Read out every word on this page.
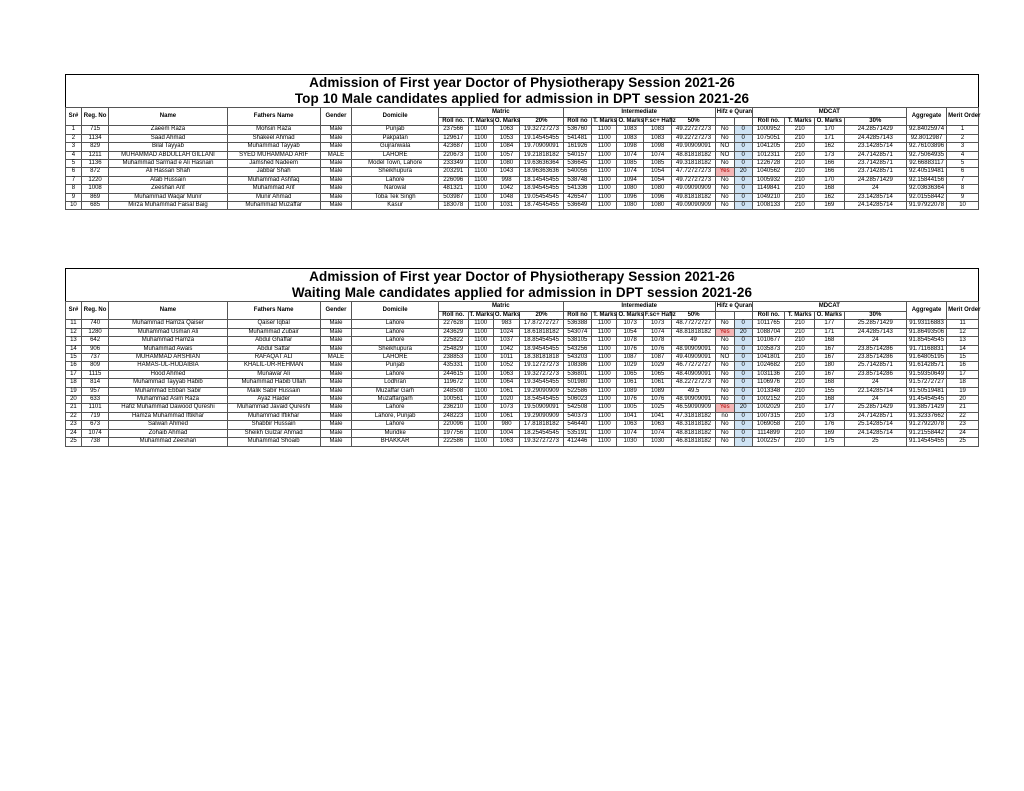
Admission of First year Doctor of Physiotherapy Session 2021-26
Top 10 Male candidates applied for admission in DPT session 2021-26
Sr#	Reg. No	Name	Fathers Name	Gender	Domicile	Matric				Intermediate					Hifz e Quran		MDCAT				Aggregate	Merit Order
						Roll no.	T. Marks	O. Marks	20%	Roll no	T. Marks	O. Marks	F.sc+ Hafiz	50%			Roll no.	T. Marks	O. Marks	30%		
1	715	Zaeem Raza	Mohsin Raza	Male	Punjab	237566	1100	1063	19.32727273	536760	1100	1083	1083	49.22727273	No	0	1000952	210	170	24.28571429	92.84025974	1
2	1134	Saad Ahmad	Shakeel Ahmad	Male	Pakpatan	129617	1100	1053	19.14545455	541481	1100	1083	1083	49.22727273	No	0	1075051	210	171	24.42857143	92.8012987	2
3	829	Bilal Tayyab	Muhammad Tayyab	Male	Gujranwala	423687	1100	1084	19.70909091	161926	1100	1098	1098	49.90909091	NO	0	1041205	210	162	23.14285714	92.76103896	3
4	1211	MUHAMMAD ABDULLAH GILLANI	SYED MUHAMMAD ARIF	MALE	LAHORE	220673	1100	1057	19.21818182	540157	1100	1074	1074	48.81818182	NO	0	1012311	210	173	24.71428571	92.75064935	4
5	1136	Muhammad Sarmad e Ali Hasnain	Jamshed Nadeem	Male	Model Town, Lahore	233349	1100	1080	19.63636364	536645	1100	1085	1085	49.31818182	No	0	1226728	210	166	23.71428571	92.66883117	5
6	872	Ali Hassan Shah	Jabbar Shah	Male	Sheikhupura	203291	1100	1043	18.96363636	540056	1100	1074	1054	47.72727273	Yes	20	1040562	210	166	23.71428571	92.40519481	6
7	1220	Atab Hussain	Muhammad Ashfaq	Male	Lahore	226096	1100	998	18.14545455	538748	1100	1094	1054	49.72727273	No	0	1005932	210	170	24.28571429	92.15844156	7
8	1008	Zeeshan Arif	Muhammad Arif	Male	Narowal	481321	1100	1042	18.94545455	541336	1100	1080	1080	49.09090909	No	0	1149841	210	168	24	92.03636364	8
9	869	Muhammad Waqar Munir	Munir Ahmad	Male	Toba Tek Singh	503987	1100	1048	19.05454545	426547	1100	1096	1096	49.81818182	No	0	1049210	210	162	23.14285714	92.01558442	9
10	685	Mirza Muhammad Faisal Baig	Muhammad Muzaffar	Male	Kasur	183078	1100	1031	18.74545455	536649	1100	1080	1080	49.09090909	No	0	1008133	210	169	24.14285714	91.97922078	10
Admission of First year Doctor of Physiotherapy Session 2021-26
Waiting Male candidates applied for admission in DPT session 2021-26
Sr#	Reg. No	Name	Fathers Name	Gender	Domicile	Matric				Intermediate					Hifz e Quran		MDCAT				Aggregate	Merit Order
						Roll no.	T. Marks	O. Marks	20%	Roll no	T. Marks	O. Marks	F.sc+ Hafiz	50%			Roll no.	T. Marks	O. Marks	30%		
11	740	Muhammad Hamza Qaiser	Qaiser Iqbal	Male	Lahore	227628	1100	983	17.87272727	536388	1100	1073	1073	48.77272727	No	0	1011765	210	177	25.28571429	91.93116883	11
12	1280	Muhammad Usman Ali	Muhammad Zubair	Male	Lahore	243629	1100	1024	18.61818182	543074	1100	1054	1074	48.81818182	Yes	20	1088704	210	171	24.42857143	91.86493506	12
13	642	Muhammad Hamza	Abdul Ghaffar	Male	Lahore	225822	1100	1037	18.85454545	538105	1100	1078	1078	49	No	0	1010677	210	168	24	91.85454545	13
14	906	Muhammad Awais	Abdul Sattar	Male	Sheikhupura	254829	1100	1042	18.94545455	543256	1100	1076	1076	48.90909091	No	0	1035873	210	167	23.85714286	91.71168831	14
15	737	MUHAMMAD ARSHIAN	RAFAQAT ALI	MALE	LAHORE	238853	1100	1011	18.38181818	543203	1100	1087	1087	49.40909091	NO	0	1041801	210	167	23.85714286	91.64805195	15
16	809	HAMAS-UL-HUDAIBIA	KHALIL-UR-REHMAN	Male	Punjab	435331	1100	1052	19.12727273	108386	1100	1029	1029	46.77272727	No	0	1024682	210	180	25.71428571	91.61428571	16
17	1115	Hood Ahmed	Munawar Ali	Male	Lahore	244615	1100	1063	19.32727273	536801	1100	1065	1065	48.40909091	No	0	1031136	210	167	23.85714286	91.59350649	17
18	814	Muhammad Tayyab Habib	Muhammad Habib Ullah	Male	Lodhran	119672	1100	1064	19.34545455	501980	1100	1061	1061	48.22727273	No	0	1106976	210	168	24	91.57272727	18
19	957	Muhammad Ebban Sabir	Malik Sabir Hussain	Male	Muzaffar Garh	248508	1100	1061	19.29090909	522586	1100	1089	1089	49.5	No	0	1013348	210	155	22.14285714	91.50519481	19
20	633	Muhammad Asim Raza	Ayaz Haider	Male	Muzaffargarh	100561	1100	1020	18.54545455	506023	1100	1076	1076	48.90909091	No	0	1002152	210	168	24	91.45454545	20
21	1101	Hafiz Muhammad Dawood Qureshi	Muhammad Javaid Qureshi	Male	Lahore	236210	1100	1073	19.50909091	542508	1100	1005	1025	46.59090909	Yes	20	1002029	210	177	25.28571429	91.38571429	21
22	719	Hamza Muhammad Iftikhar	Muhammad Iftikhar	Male	Lahore, Punjab	248223	1100	1061	19.29090909	540373	1100	1041	1041	47.31818182	no	0	1007315	210	173	24.71428571	91.32337662	22
23	673	Salwan Ahmed	Shabbir Hussain	Male	Lahore	220096	1100	980	17.81818182	546440	1100	1063	1063	48.31818182	No	0	1069058	210	176	25.14285714	91.27922078	23
24	1074	Zohaib Ahmad	Sheikh Gulzar Ahmad	Male	Muridke	197756	1100	1004	18.25454545	535191	1100	1074	1074	48.81818182	No	0	1114899	210	169	24.14285714	91.21558442	24
25	738	Muhammad Zeeshan	Muhammad Shoaib	Male	BHAKKAR	222586	1100	1063	19.32727273	412446	1100	1030	1030	46.81818182	No	0	1002257	210	175	25	91.14545455	25
